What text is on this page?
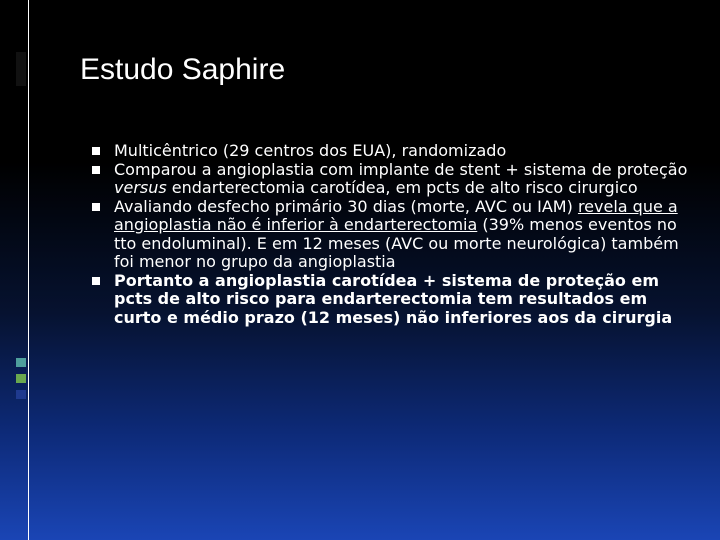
Estudo Saphire
Multicêntrico (29 centros dos EUA), randomizado
Comparou a angioplastia com implante de stent + sistema de proteção versus endarterectomia carotídea, em pcts de alto risco cirurgico
Avaliando desfecho primário 30 dias (morte, AVC ou IAM) revela que a angioplastia não é inferior à endarterectomia (39% menos eventos no tto endoluminal). E em 12 meses (AVC ou morte neurológica) também foi menor no grupo da angioplastia
Portanto a angioplastia carotídea + sistema de proteção em pcts de alto risco para endarterectomia tem resultados em curto e médio prazo (12 meses) não inferiores aos da cirurgia
